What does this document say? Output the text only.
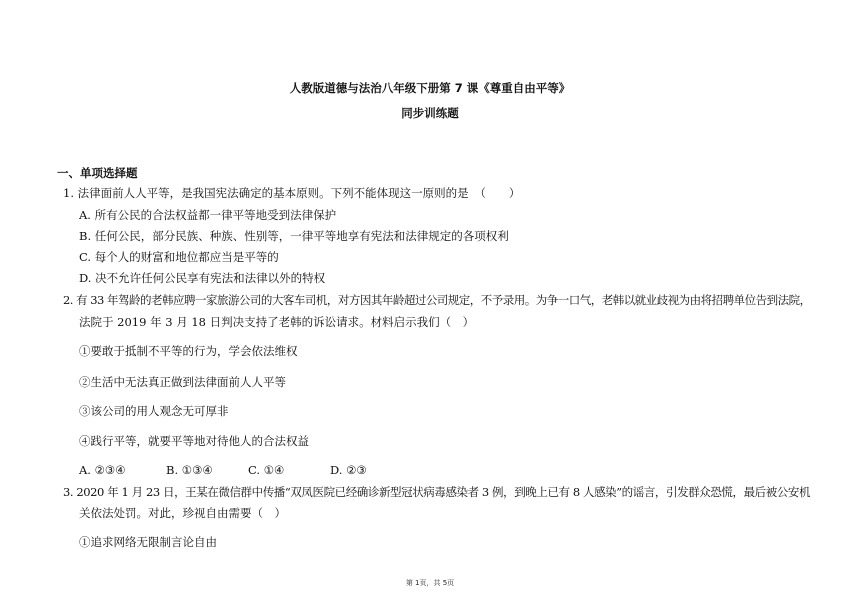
人教版道德与法治八年级下册第 7 课《尊重自由平等》
同步训练题
一、单项选择题
1. 法律面前人人平等，是我国宪法确定的基本原则。下列不能体现这一原则的是　（　　）
A. 所有公民的合法权益都一律平等地受到法律保护
B. 任何公民，部分民族、种族、性别等，一律平等地享有宪法和法律规定的各项权利
C. 每个人的财富和地位都应当是平等的
D. 决不允许任何公民享有宪法和法律以外的特权
2. 有 33 年驾龄的老韩应聘一家旅游公司的大客车司机，对方因其年龄超过公司规定，不予录用。为争一口气，老韩以就业歧视为由将招聘单位告到法院，
法院于 2019 年 3 月 18 日判决支持了老韩的诉讼请求。材料启示我们（　）
①要敢于抵制不平等的行为，学会依法维权
②生活中无法真正做到法律面前人人平等
③该公司的用人观念无可厚非
④践行平等，就要平等地对待他人的合法权益
A. ②③④	B. ①③④	C. ①④	D. ②③
3. 2020 年 1 月 23 日，王某在微信群中传播“双凤医院已经确诊新型冠状病毒感染者 3 例，到晚上已有 8 人感染”的谣言，引发群众恐慌，最后被公安机
关依法处罚。对此，珍视自由需要（　）
①追求网络无限制言论自由
第 1页，共 5页
